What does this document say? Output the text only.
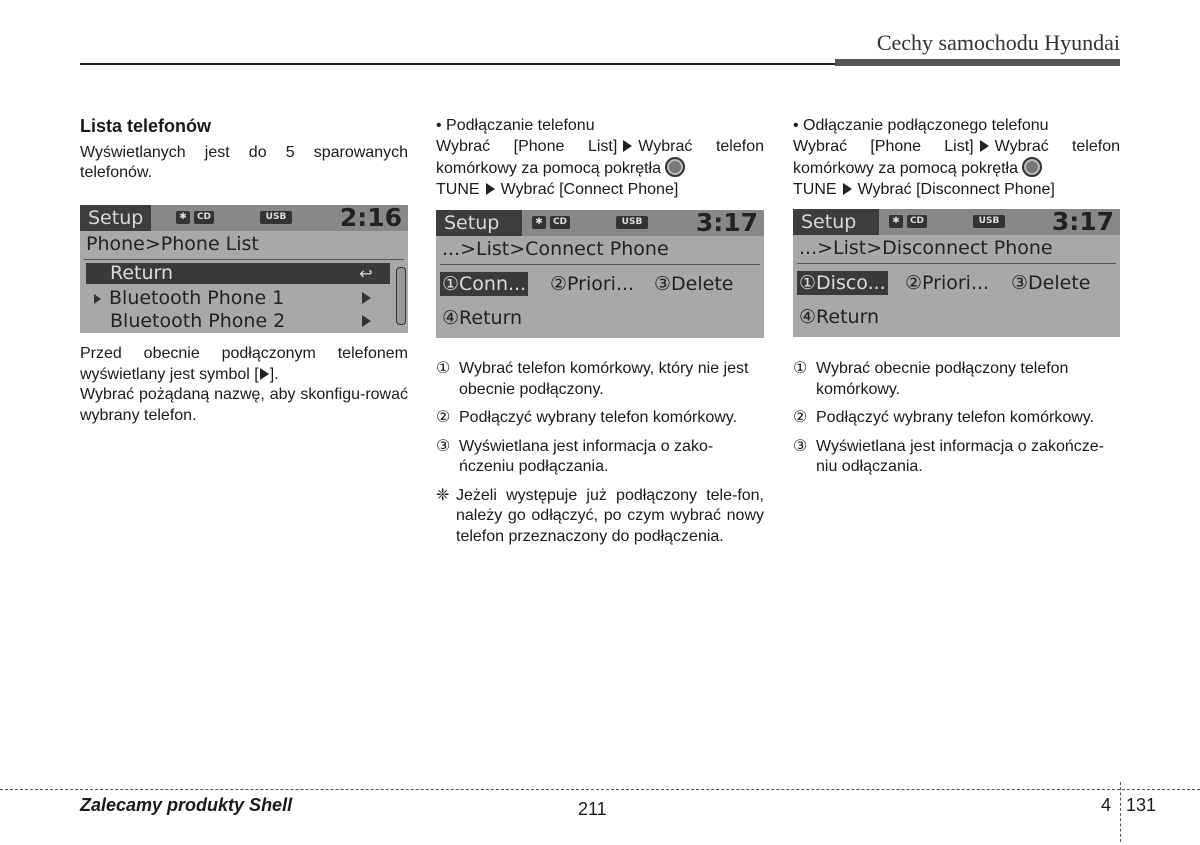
Cechy samochodu Hyundai
Lista telefonów

Wyświetlanych jest do 5 sparowanych telefonów.

Setup	✱	CD	USB 2:16
Phone>Phone List
Return	↩
Bluetooth Phone 1
Bluetooth Phone 2

Przed obecnie podłączonym telefonem wyświetlany jest symbol [ ].

Wybrać pożądaną nazwę, aby skonfigu-rować wybrany telefon.

• Podłączanie telefonu

Wybrać [Phone List] Wybrać telefon komórkowy za pomocą pokrętła
TUNE Wybrać [Connect Phone]

Setup	✱	CD	USB 3:17
...>List>Connect Phone
①Conn... ②Priori... ③Delete
④Return
① Wybrać telefon komórkowy, który nie jest obecnie podłączony.
② Podłączyć wybrany telefon komórkowy.
③ Wyświetlana jest informacja o zako-ńczeniu podłączania.

❈ Jeżeli występuje już podłączony tele-fon, należy go odłączyć, po czym wybrać nowy telefon przeznaczony do podłączenia.

• Odłączanie podłączonego telefonu

Wybrać [Phone List] Wybrać telefon komórkowy za pomocą pokrętła
TUNE Wybrać [Disconnect Phone]

Setup	✱	CD	USB 3:17
...>List>Disconnect Phone
①Disco... ②Priori... ③Delete
④Return
① Wybrać obecnie podłączony telefon komórkowy.
② Podłączyć wybrany telefon komórkowy.
③ Wyświetlana jest informacja o zakończe-niu odłączania.
Zalecamy produkty Shell	211	4 131
